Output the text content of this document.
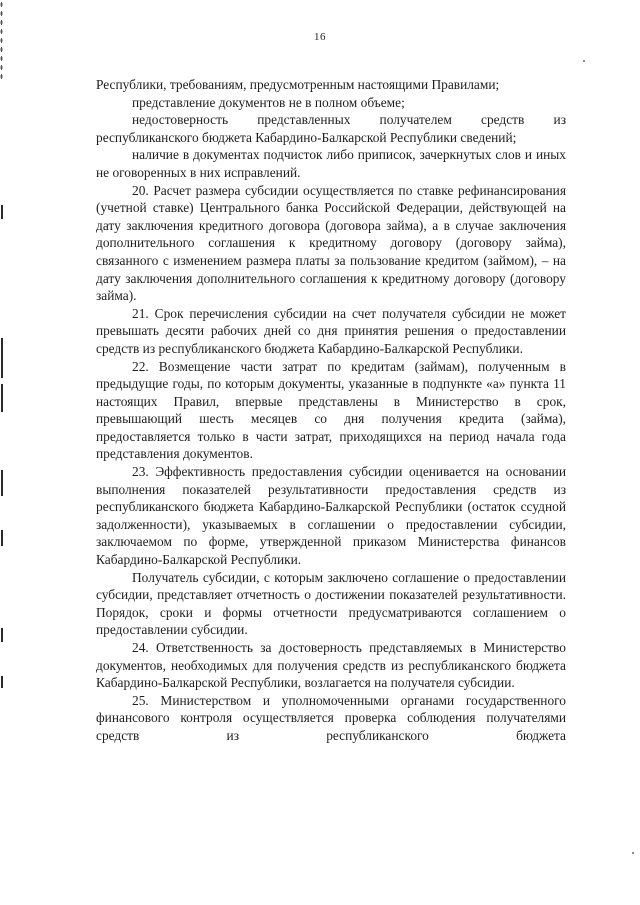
16

Республики, требованиям, предусмотренным настоящими Правилами;

представление документов не в полном объеме;

недостоверность представленных получателем средств из республиканского бюджета Кабардино-Балкарской Республики сведений;

наличие в документах подчисток либо приписок, зачеркнутых слов и иных не оговоренных в них исправлений.

20. Расчет размера субсидии осуществляется по ставке рефинансирования (учетной ставке) Центрального банка Российской Федерации, действующей на дату заключения кредитного договора (договора займа), а в случае заключения дополнительного соглашения к кредитному договору (договору займа), связанного с изменением размера платы за пользование кредитом (займом), – на дату заключения дополнительного соглашения к кредитному договору (договору займа).

21. Срок перечисления субсидии на счет получателя субсидии не может превышать десяти рабочих дней со дня принятия решения о предоставлении средств из республиканского бюджета Кабардино-Балкарской Республики.

22. Возмещение части затрат по кредитам (займам), полученным в предыдущие годы, по которым документы, указанные в подпункте «а» пункта 11 настоящих Правил, впервые представлены в Министерство в срок, превышающий шесть месяцев со дня получения кредита (займа), предоставляется только в части затрат, приходящихся на период начала года представления документов.

23. Эффективность предоставления субсидии оценивается на основании выполнения показателей результативности предоставления средств из республиканского бюджета Кабардино-Балкарской Республики (остаток ссудной задолженности), указываемых в соглашении о предоставлении субсидии, заключаемом по форме, утвержденной приказом Министерства финансов Кабардино-Балкарской Республики.

Получатель субсидии, с которым заключено соглашение о предоставлении субсидии, представляет отчетность о достижении показателей результативности. Порядок, сроки и формы отчетности предусматриваются соглашением о предоставлении субсидии.

24. Ответственность за достоверность представляемых в Министерство документов, необходимых для получения средств из республиканского бюджета Кабардино-Балкарской Республики, возлагается на получателя субсидии.

25. Министерством и уполномоченными органами государственного финансового контроля осуществляется проверка соблюдения получателями средств из республиканского бюджета
